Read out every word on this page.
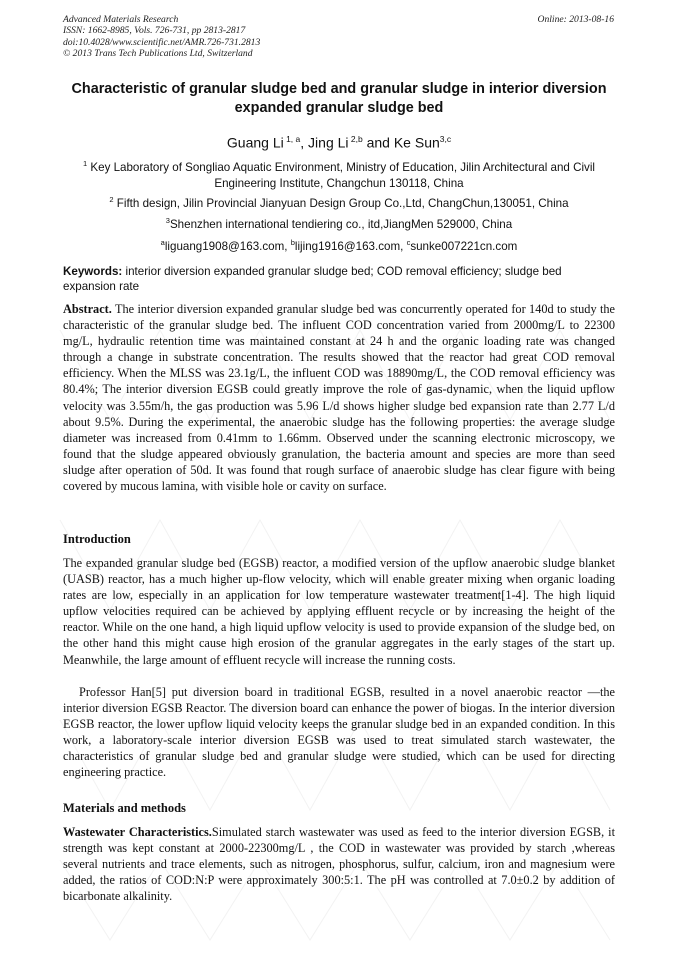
Advanced Materials Research
ISSN: 1662-8985, Vols. 726-731, pp 2813-2817
doi:10.4028/www.scientific.net/AMR.726-731.2813
© 2013 Trans Tech Publications Ltd, Switzerland
Online: 2013-08-16
Characteristic of granular sludge bed and granular sludge in interior diversion expanded granular sludge bed
Guang Li $^{1, a}$, Jing Li $^{2,b}$ and Ke Sun$^{3,c}$
$^1$ Key Laboratory of Songliao Aquatic Environment, Ministry of Education, Jilin Architectural and Civil Engineering Institute, Changchun 130118, China
$^2$ Fifth design, Jilin Provincial Jianyuan Design Group Co.,Ltd, ChangChun,130051, China
$^3$Shenzhen international tendiering co., itd,JiangMen 529000, China
$^a$liguang1908@163.com, $^b$lijing1916@163.com, $^c$sunke007221cn.com
Keywords: interior diversion expanded granular sludge bed; COD removal efficiency; sludge bed expansion rate
Abstract. The interior diversion expanded granular sludge bed was concurrently operated for 140d to study the characteristic of the granular sludge bed. The influent COD concentration varied from 2000mg/L to 22300 mg/L, hydraulic retention time was maintained constant at 24 h and the organic loading rate was changed through a change in substrate concentration. The results showed that the reactor had great COD removal efficiency. When the MLSS was 23.1g/L, the influent COD was 18890mg/L, the COD removal efficiency was 80.4%; The interior diversion EGSB could greatly improve the role of gas-dynamic, when the liquid upflow velocity was 3.55m/h, the gas production was 5.96 L/d shows higher sludge bed expansion rate than 2.77 L/d about 9.5%. During the experimental, the anaerobic sludge has the following properties: the average sludge diameter was increased from 0.41mm to 1.66mm. Observed under the scanning electronic microscopy, we found that the sludge appeared obviously granulation, the bacteria amount and species are more than seed sludge after operation of 50d. It was found that rough surface of anaerobic sludge has clear figure with being covered by mucous lamina, with visible hole or cavity on surface.
Introduction
The expanded granular sludge bed (EGSB) reactor, a modified version of the upflow anaerobic sludge blanket (UASB) reactor, has a much higher up-flow velocity, which will enable greater mixing when organic loading rates are low, especially in an application for low temperature wastewater treatment[1-4]. The high liquid upflow velocities required can be achieved by applying effluent recycle or by increasing the height of the reactor. While on the one hand, a high liquid upflow velocity is used to provide expansion of the sludge bed, on the other hand this might cause high erosion of the granular aggregates in the early stages of the start up. Meanwhile, the large amount of effluent recycle will increase the running costs.
Professor Han[5] put diversion board in traditional EGSB, resulted in a novel anaerobic reactor —the interior diversion EGSB Reactor. The diversion board can enhance the power of biogas. In the interior diversion EGSB reactor, the lower upflow liquid velocity keeps the granular sludge bed in an expanded condition. In this work, a laboratory-scale interior diversion EGSB was used to treat simulated starch wastewater, the characteristics of granular sludge bed and granular sludge were studied, which can be used for directing engineering practice.
Materials and methods
Wastewater Characteristics.Simulated starch wastewater was used as feed to the interior diversion EGSB, it strength was kept constant at 2000-22300mg/L , the COD in wastewater was provided by starch ,whereas several nutrients and trace elements, such as nitrogen, phosphorus, sulfur, calcium, iron and magnesium were added, the ratios of COD:N:P were approximately 300:5:1. The pH was controlled at 7.0±0.2 by addition of bicarbonate alkalinity.
